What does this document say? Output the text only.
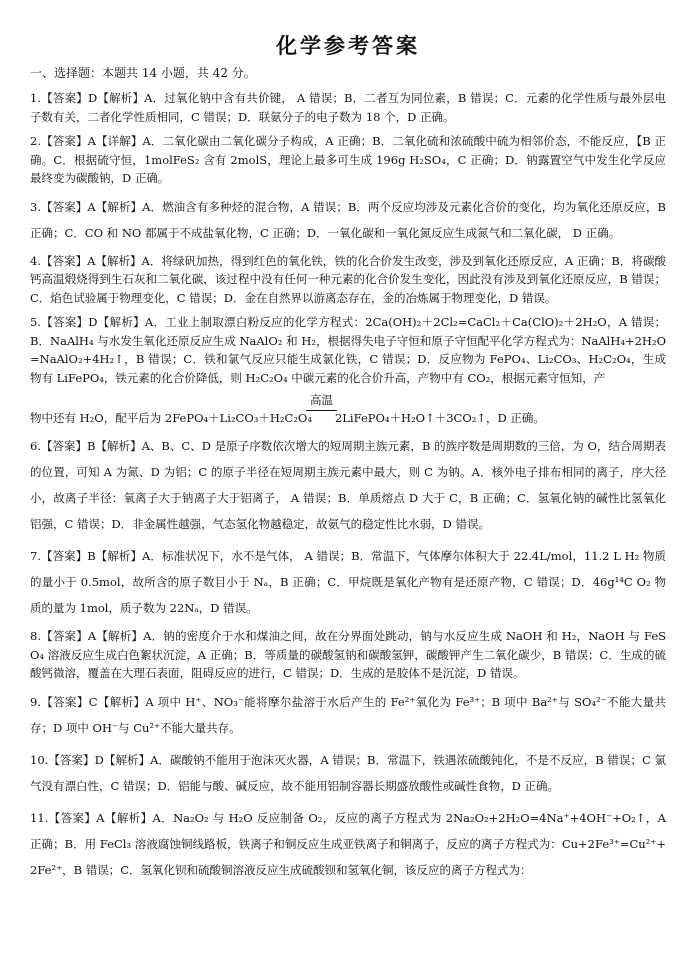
化学参考答案
一、选择题：本题共 14 小题，共 42 分。
1.【答案】D【解析】A．过氧化钠中含有共价键， A 错误；B．二者互为同位素，B 错误；C．元素的化学性质与最外层电子数有关，二者化学性质相同，C 错误；D．联氨分子的电子数为 18 个，D 正确。
2.【答案】A【详解】A．二氧化碳由二氧化碳分子构成，A 正确；B．二氧化硫和浓硫酸中硫为相邻价态，不能反应，【B 正确。C．根据硫守恒，1molFeS₂ 含有 2molS，理论上最多可生成 196g H₂SO₄，C 正确；D．钠露置空气中发生化学反应最终变为碳酸钠，D 正确。
3.【答案】A【解析】A．燃油含有多种烃的混合物，A 错误；B．两个反应均涉及元素化合价的变化，均为氧化还原反应，B 正确；C．CO 和 NO 都属于不成盐氧化物，C 正确；D．一氧化碳和一氧化氮反应生成氮气和二氧化碳， D 正确。
4.【答案】A【解析】A．将绿矾加热，得到红色的氧化铁，铁的化合价发生改变，涉及到氧化还原反应，A 正确；B．将碳酸钙高温煅烧得到生石灰和二氧化碳，该过程中没有任何一种元素的化合价发生变化，因此没有涉及到氧化还原反应，B 错误；C．焰色试验属于物理变化，C 错误；D．金在自然界以游离态存在，金的冶炼属于物理变化，D 错误。
5.【答案】D【解析】A．工业上制取漂白粉反应的化学方程式：2Ca(OH)₂＋2Cl₂=CaCl₂＋Ca(ClO)₂＋2H₂O，A 错误；B．NaAlH₄ 与水发生氧化还原反应生成 NaAlO₂ 和 H₂，根据得失电子守恒和原子守恒配平化学方程式为：NaAlH₄+2H₂O=NaAlO₂+4H₂↑，B 错误；C．铁和氯气反应只能生成氯化铁，C 错误；D．反应物为 FePO₄、Li₂CO₃、H₂C₂O₄，生成物有 LiFePO₄，铁元素的化合价降低，则 H₂C₂O₄ 中碳元素的化合价升高，产物中有 CO₂，根据元素守恒知，产
高温
物中还有 H₂O，配平后为 2FePO₄＋Li₂CO₃＋H₂C₂O₄　　2LiFePO₄＋H₂O↑＋3CO₂↑，D 正确。
6.【答案】B【解析】A、B、C、D 是原子序数依次增大的短周期主族元素，B 的族序数是周期数的三倍，为 O，结合周期表的位置，可知 A 为氮、D 为铝；C 的原子半径在短周期主族元素中最大，则 C 为钠。A．核外电子排布相同的离子，序大径小，故离子半径：氧离子大于钠离子大于铝离子， A 错误；B．单质熔点 D 大于 C，B 正确；C．氢氧化钠的碱性比氢氧化铝强，C 错误；D．非金属性越强，气态氢化物越稳定，故氨气的稳定性比水弱，D 错误。
7.【答案】B【解析】A．标准状况下，水不是气体， A 错误；B．常温下，气体摩尔体积大于 22.4L/mol，11.2 L H₂ 物质的量小于 0.5mol，故所含的原子数目小于 Nₐ，B 正确；C．甲烷既是氧化产物有是还原产物，C 错误；D．46g¹⁴C O₂ 物质的量为 1mol，质子数为 22Nₐ，D 错误。
8.【答案】A【解析】A．钠的密度介于水和煤油之间，故在分界面处跳动，钠与水反应生成 NaOH 和 H₂，NaOH 与 FeSO₄ 溶液反应生成白色絮状沉淀，A 正确；B．等质量的碳酸氢钠和碳酸氢钾，碳酸钾产生二氧化碳少，B 错误；C．生成的硫酸钙微溶，覆盖在大理石表面，阻碍反应的进行，C 错误；D．生成的是胶体不是沉淀，D 错误。
9.【答案】C【解析】A 项中 H⁺、NO₃⁻能将摩尔盐溶于水后产生的 Fe²⁺氧化为 Fe³⁺；B 项中 Ba²⁺与 SO₄²⁻不能大量共存；D 项中 OH⁻与 Cu²⁺不能大量共存。
10.【答案】D【解析】A．碳酸钠不能用于泡沫灭火器，A 错误；B．常温下，铁遇浓硫酸钝化，不是不反应，B 错误；C 氯气没有漂白性，C 错误；D．铝能与酸、碱反应，故不能用铝制容器长期盛放酸性或碱性食物，D 正确。
11.【答案】A【解析】A．Na₂O₂ 与 H₂O 反应制备 O₂，反应的离子方程式为 2Na₂O₂+2H₂O=4Na⁺+4OH⁻+O₂↑，A 正确；B．用 FeCl₃ 溶液腐蚀铜线路板，铁离子和铜反应生成亚铁离子和铜离子，反应的离子方程式为：Cu+2Fe³⁺=Cu²⁺+2Fe²⁺，B 错误；C．氢氧化钡和硫酸铜溶液反应生成硫酸钡和氢氧化铜，该反应的离子方程式为：
